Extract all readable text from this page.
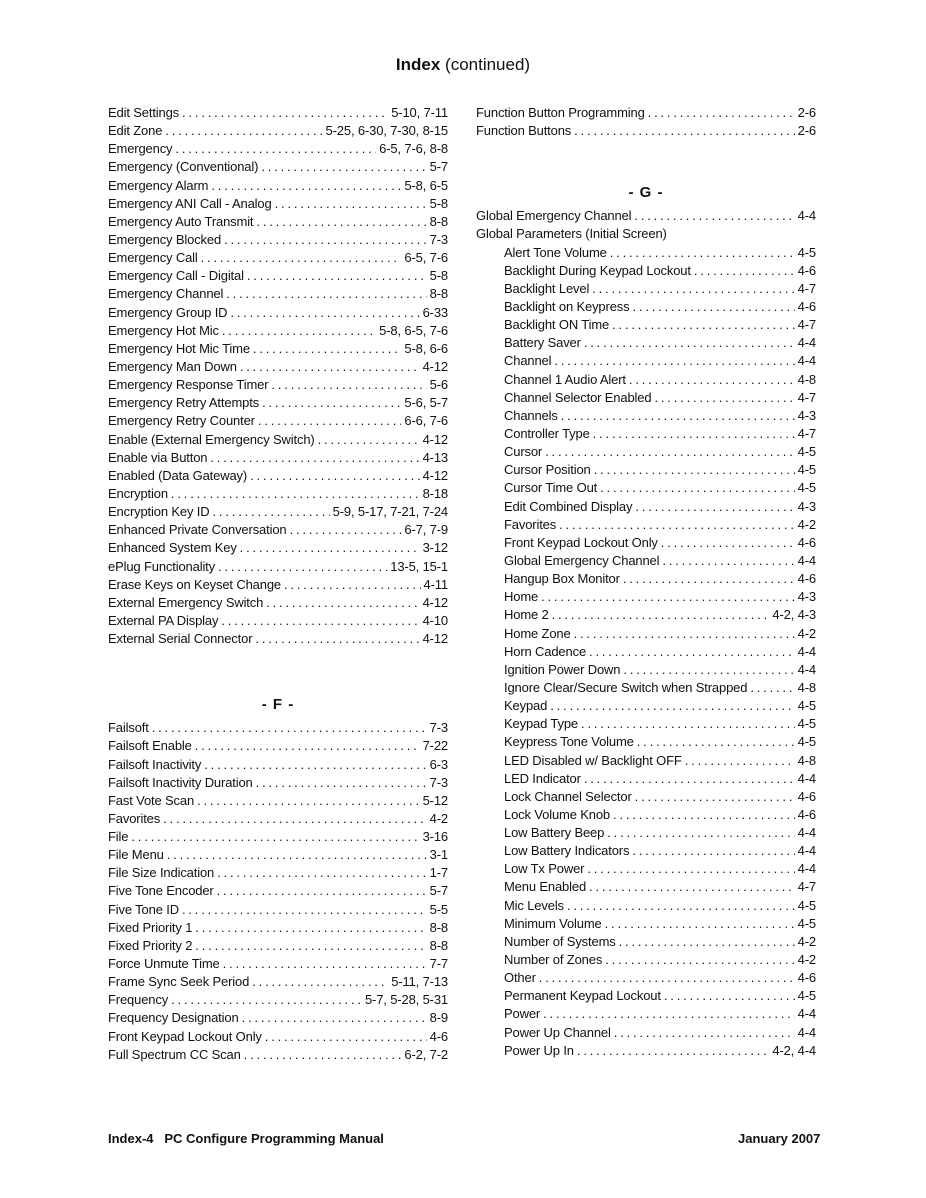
Index (continued)
Edit Settings . . .	5-10, 7-11
Edit Zone . . .	5-25, 6-30, 7-30, 8-15
Emergency . . .	6-5, 7-6, 8-8
Emergency (Conventional) . . .	5-7
Emergency Alarm . . .	5-8, 6-5
Emergency ANI Call - Analog . . .	5-8
Emergency Auto Transmit . . .	8-8
Emergency Blocked . . .	7-3
Emergency Call . . .	6-5, 7-6
Emergency Call - Digital . . .	5-8
Emergency Channel . . .	8-8
Emergency Group ID . . .	6-33
Emergency Hot Mic . . .	5-8, 6-5, 7-6
Emergency Hot Mic Time . . .	5-8, 6-6
Emergency Man Down . . .	4-12
Emergency Response Timer . . .	5-6
Emergency Retry Attempts . . .	5-6, 5-7
Emergency Retry Counter . . .	6-6, 7-6
Enable (External Emergency Switch) . . .	4-12
Enable via Button . . .	4-13
Enabled (Data Gateway) . . .	4-12
Encryption . . .	8-18
Encryption Key ID . . .	5-9, 5-17, 7-21, 7-24
Enhanced Private Conversation . . .	6-7, 7-9
Enhanced System Key . . .	3-12
ePlug Functionality . . .	13-5, 15-1
Erase Keys on Keyset Change . . .	4-11
External Emergency Switch . . .	4-12
External PA Display . . .	4-10
External Serial Connector . . .	4-12
- F -
Failsoft . . .	7-3
Failsoft Enable . . .	7-22
Failsoft Inactivity . . .	6-3
Failsoft Inactivity Duration . . .	7-3
Fast Vote Scan . . .	5-12
Favorites . . .	4-2
File . . .	3-16
File Menu . . .	3-1
File Size Indication . . .	1-7
Five Tone Encoder . . .	5-7
Five Tone ID . . .	5-5
Fixed Priority 1 . . .	8-8
Fixed Priority 2 . . .	8-8
Force Unmute Time . . .	7-7
Frame Sync Seek Period . . .	5-11, 7-13
Frequency . . .	5-7, 5-28, 5-31
Frequency Designation . . .	8-9
Front Keypad Lockout Only . . .	4-6
Full Spectrum CC Scan . . .	6-2, 7-2
Function Button Programming . . .	2-6
Function Buttons . . .	2-6
- G -
Global Emergency Channel . . .	4-4
Global Parameters (Initial Screen)
Alert Tone Volume . . .	4-5
Backlight During Keypad Lockout . . .	4-6
Backlight Level . . .	4-7
Backlight on Keypress . . .	4-6
Backlight ON Time . . .	4-7
Battery Saver . . .	4-4
Channel . . .	4-4
Channel 1 Audio Alert . . .	4-8
Channel Selector Enabled . . .	4-7
Channels . . .	4-3
Controller Type . . .	4-7
Cursor . . .	4-5
Cursor Position . . .	4-5
Cursor Time Out . . .	4-5
Edit Combined Display . . .	4-3
Favorites . . .	4-2
Front Keypad Lockout Only . . .	4-6
Global Emergency Channel . . .	4-4
Hangup Box Monitor . . .	4-6
Home . . .	4-3
Home 2 . . .	4-2, 4-3
Home Zone . . .	4-2
Horn Cadence . . .	4-4
Ignition Power Down . . .	4-4
Ignore Clear/Secure Switch when Strapped . . .	4-8
Keypad . . .	4-5
Keypad Type . . .	4-5
Keypress Tone Volume . . .	4-5
LED Disabled w/ Backlight OFF . . .	4-8
LED Indicator . . .	4-4
Lock Channel Selector . . .	4-6
Lock Volume Knob . . .	4-6
Low Battery Beep . . .	4-4
Low Battery Indicators . . .	4-4
Low Tx Power . . .	4-4
Menu Enabled . . .	4-7
Mic Levels . . .	4-5
Minimum Volume . . .	4-5
Number of Systems . . .	4-2
Number of Zones . . .	4-2
Other . . .	4-6
Permanent Keypad Lockout . . .	4-5
Power . . .	4-4
Power Up Channel . . .	4-4
Power Up In . . .	4-2, 4-4
Index-4   PC Configure Programming Manual	January 2007
